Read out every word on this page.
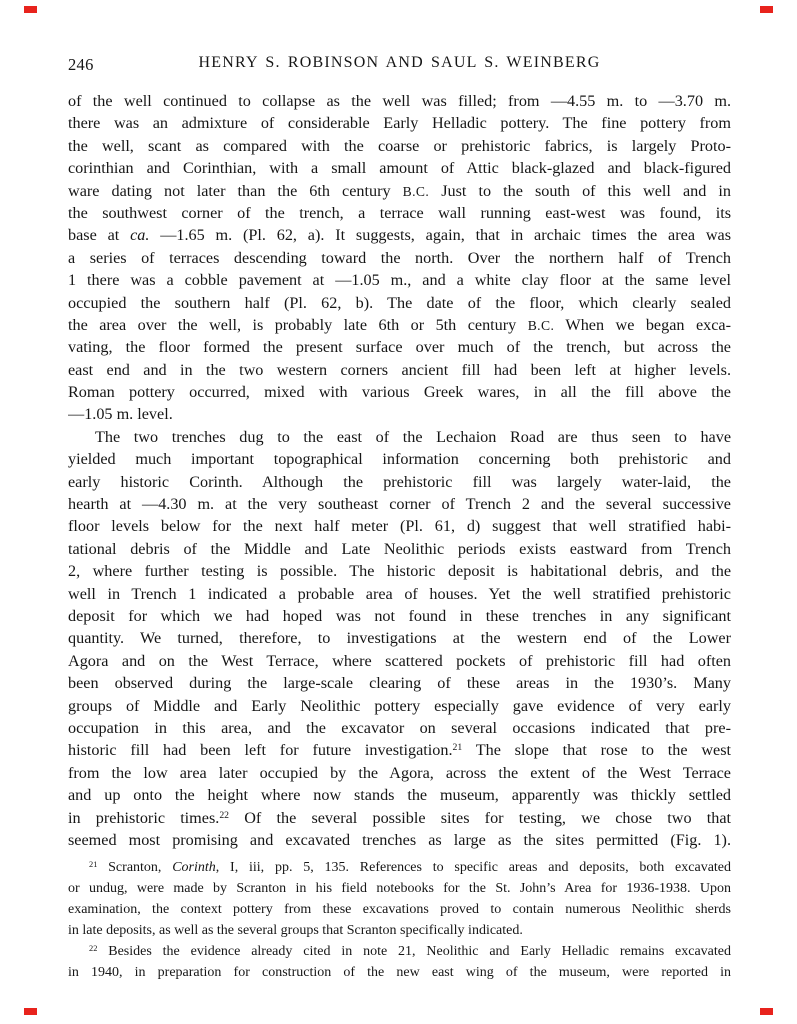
246	HENRY S. ROBINSON AND SAUL S. WEINBERG
of the well continued to collapse as the well was filled; from —4.55 m. to —3.70 m.
there was an admixture of considerable Early Helladic pottery. The fine pottery from
the well, scant as compared with the coarse or prehistoric fabrics, is largely Proto-
corinthian and Corinthian, with a small amount of Attic black-glazed and black-figured
ware dating not later than the 6th century B.C. Just to the south of this well and in
the southwest corner of the trench, a terrace wall running east-west was found, its
base at ca. —1.65 m. (Pl. 62, a). It suggests, again, that in archaic times the area was
a series of terraces descending toward the north. Over the northern half of Trench
1 there was a cobble pavement at —1.05 m., and a white clay floor at the same level
occupied the southern half (Pl. 62, b). The date of the floor, which clearly sealed
the area over the well, is probably late 6th or 5th century B.C. When we began exca-
vating, the floor formed the present surface over much of the trench, but across the
east end and in the two western corners ancient fill had been left at higher levels.
Roman pottery occurred, mixed with various Greek wares, in all the fill above the
—1.05 m. level.
The two trenches dug to the east of the Lechaion Road are thus seen to have
yielded much important topographical information concerning both prehistoric and
early historic Corinth. Although the prehistoric fill was largely water-laid, the
hearth at —4.30 m. at the very southeast corner of Trench 2 and the several successive
floor levels below for the next half meter (Pl. 61, d) suggest that well stratified habi-
tational debris of the Middle and Late Neolithic periods exists eastward from Trench
2, where further testing is possible. The historic deposit is habitational debris, and the
well in Trench 1 indicated a probable area of houses. Yet the well stratified prehistoric
deposit for which we had hoped was not found in these trenches in any significant
quantity. We turned, therefore, to investigations at the western end of the Lower
Agora and on the West Terrace, where scattered pockets of prehistoric fill had often
been observed during the large-scale clearing of these areas in the 1930’s. Many
groups of Middle and Early Neolithic pottery especially gave evidence of very early
occupation in this area, and the excavator on several occasions indicated that pre-
historic fill had been left for future investigation.$^{21}$ The slope that rose to the west
from the low area later occupied by the Agora, across the extent of the West Terrace
and up onto the height where now stands the museum, apparently was thickly settled
in prehistoric times.$^{22}$ Of the several possible sites for testing, we chose two that
seemed most promising and excavated trenches as large as the sites permitted (Fig. 1).
$^{21}$ Scranton, Corinth, I, iii, pp. 5, 135. References to specific areas and deposits, both excavated
or undug, were made by Scranton in his field notebooks for the St. John’s Area for 1936-1938. Upon
examination, the context pottery from these excavations proved to contain numerous Neolithic sherds
in late deposits, as well as the several groups that Scranton specifically indicated.
$^{22}$ Besides the evidence already cited in note 21, Neolithic and Early Helladic remains excavated
in 1940, in preparation for construction of the new east wing of the museum, were reported in
